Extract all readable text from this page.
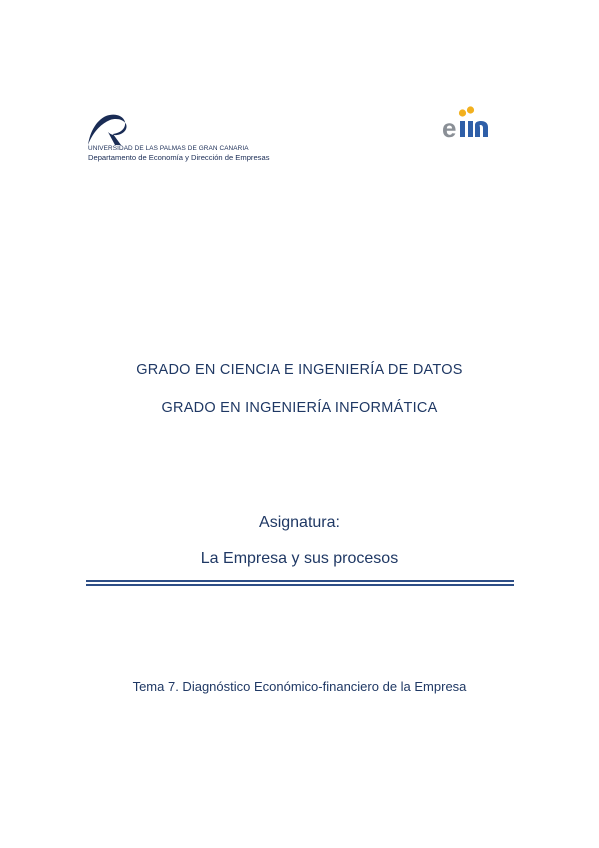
UNIVERSIDAD DE LAS PALMAS DE GRAN CANARIA
Departamento de Economía y Dirección de Empresas
e
GRADO EN CIENCIA E INGENIERÍA DE DATOS
GRADO EN INGENIERÍA INFORMÁTICA
Asignatura:
La Empresa y sus procesos
Tema 7. Diagnóstico Económico-financiero de la Empresa
